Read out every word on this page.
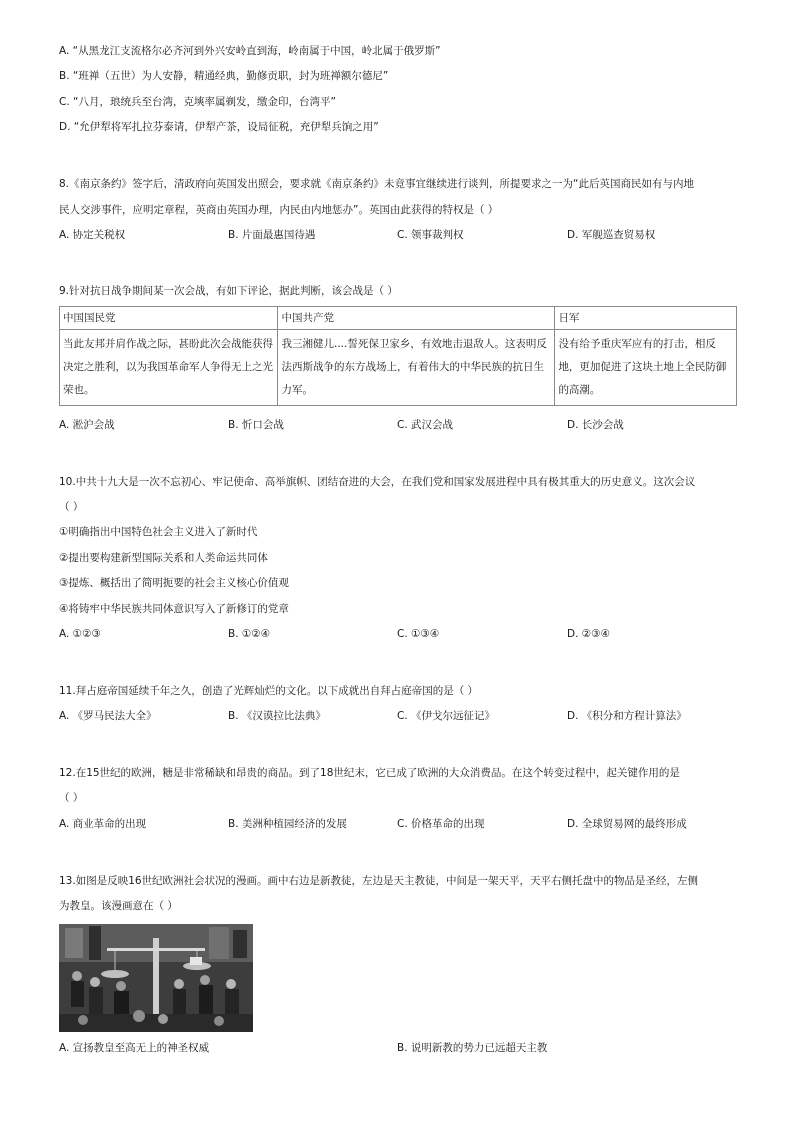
A. “从黑龙江支流格尔必齐河到外兴安岭直到海，岭南属于中国，岭北属于俄罗斯”
B. “班禅（五世）为人安静，精通经典，勤修贡职，封为班禅额尔德尼”
C. “八月，琅统兵至台湾，克塽率属剃发，缴金印，台湾平”
D. “允伊犁将军扎拉芬泰请，伊犁产茶，设局征税，充伊犁兵饷之用”
8.《南京条约》签字后，清政府向英国发出照会，要求就《南京条约》未竟事宜继续进行谈判，所提要求之一为“此后英国商民如有与内地
民人交涉事件，应明定章程，英商由英国办理，内民由内地惩办”。英国由此获得的特权是（ ）
A. 协定关税权	B. 片面最惠国待遇	C. 领事裁判权	D. 军舰巡查贸易权
9.针对抗日战争期间某一次会战，有如下评论，据此判断，该会战是（ ）
中国国民党	中国共产党	日军

当此友邦并肩作战之际，甚盼此次会战能获得决定之胜利，以为我国革命军人争得无上之光荣也。	我三湘健儿....誓死保卫家乡，有效地击退敌人。这表明反法西斯战争的东方战场上，有着伟大的中华民族的抗日生力军。	没有给予重庆军应有的打击，相反地，更加促进了这块土地上全民防御的高潮。
A. 淞沪会战	B. 忻口会战	C. 武汉会战	D. 长沙会战
10.中共十九大是一次不忘初心、牢记使命、高举旗帜、团结奋进的大会，在我们党和国家发展进程中具有极其重大的历史意义。这次会议
（ ）
①明确指出中国特色社会主义进入了新时代
②提出要构建新型国际关系和人类命运共同体
③提炼、概括出了简明扼要的社会主义核心价值观
④将铸牢中华民族共同体意识写入了新修订的党章
A. ①②③	B. ①②④	C. ①③④	D. ②③④
11.拜占庭帝国延续千年之久，创造了光辉灿烂的文化。以下成就出自拜占庭帝国的是（ ）
A. 《罗马民法大全》	B. 《汉谟拉比法典》	C. 《伊戈尔远征记》	D. 《积分和方程计算法》
12.在15世纪的欧洲，糖是非常稀缺和昂贵的商品。到了18世纪末，它已成了欧洲的大众消费品。在这个转变过程中，起关键作用的是
（ ）
A. 商业革命的出现	B. 美洲种植园经济的发展	C. 价格革命的出现	D. 全球贸易网的最终形成
13.如图是反映16世纪欧洲社会状况的漫画。画中右边是新教徒，左边是天主教徒，中间是一架天平，天平右侧托盘中的物品是圣经，左侧
为教皇。该漫画意在（ ）
A. 宣扬教皇至高无上的神圣权威	B. 说明新教的势力已远超天主教
